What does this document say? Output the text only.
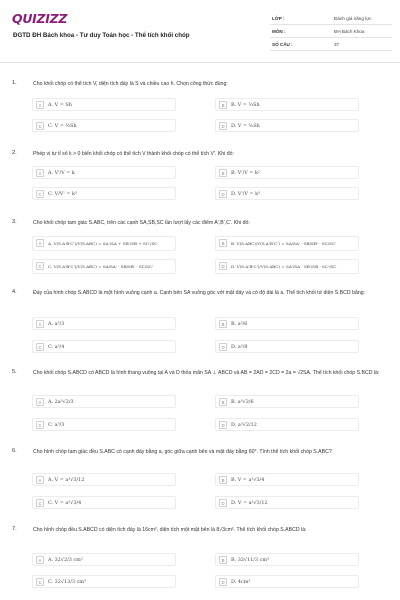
QUIZIZZ
ĐGTD ĐH Bách khoa - Tư duy Toán học - Thể tích khối chóp
LỚP :	Đánh giá năng lực
MÔN :	ĐH Bách Khoa
SỐ CÂU :	37
1.	Cho khối chóp có thể tích V, diện tích đáy là S và chiều cao h. Chọn công thức đúng:
A	A. V = Sh	B	B. V = ⅓Sh
C	C. V = ½Sh	D	D. V = ⅙Sh
2.	Phép vị tự tỉ số k > 0 biến khối chóp có thể tích V thành khối chóp có thể tích V'. Khi đó:
A	A. V'/V = k	B	B. V'/V = k²
C	C. V/V' = k³	D	D. V'/V = k³
3.	Cho khối chóp tam giác S.ABC, trên các cạnh SA,SB,SC lần lượt lấy các điểm A',B',C'. Khi đó:
A	A. V(S.A'B'C')/V(S.ABC) = SA'/SA + SB'/SB + SC'/SC	B	B. V(S.ABC)/V(S.A'B'C') = SA/SA' · SB/SB' · SC/SC'
C	C. V(S.A'B'C')/V(S.ABC) = SA/SA' · SB/SB' · SC/SC'	D	D. V(S.A'B'C')/V(S.ABC) = SA'/SA · SB'/SB · SC'/SC
4.	Đáy của hình chóp S.ABCD là một hình vuông cạnh a. Cạnh bên SA vuông góc với mặt đáy và có độ dài là a. Thể tích khối tứ diện S.BCD bằng:
A	A. a³/3	B	B. a³/6
C	C. a³/4	D	D. a³/8
5.	Cho khối chóp S.ABCD có ABCD là hình thang vuông tại A và D thỏa mãn SA ⊥ ABCD và AB = 2AD = 2CD = 2a = √2SA. Thể tích khối chóp S.BCD là:
A	A. 2a³√2/3	B	B. a³√2/6
C	C. a³/3	D	D. a³√2/12
6.	Cho hình chóp tam giác đều S.ABC có cạnh đáy bằng a, góc giữa cạnh bên và mặt đáy bằng 60°. Tính thể tích khối chóp S.ABC?
A	A. V = a³√3/12	B	B. V = a³√3/4
C	C. V = a³√3/4	D	D. V = a³√3/12
7.	Cho hình chóp đều S.ABCD có diện tích đáy là 16cm², diện tích một mặt bên là 8√3cm². Thể tích khối chóp S.ABCD là:
A	A. 32√2/3 cm³	B	B. 32√11/3 cm³
C	C. 32√13/3 cm³	D	D. 4cm³
